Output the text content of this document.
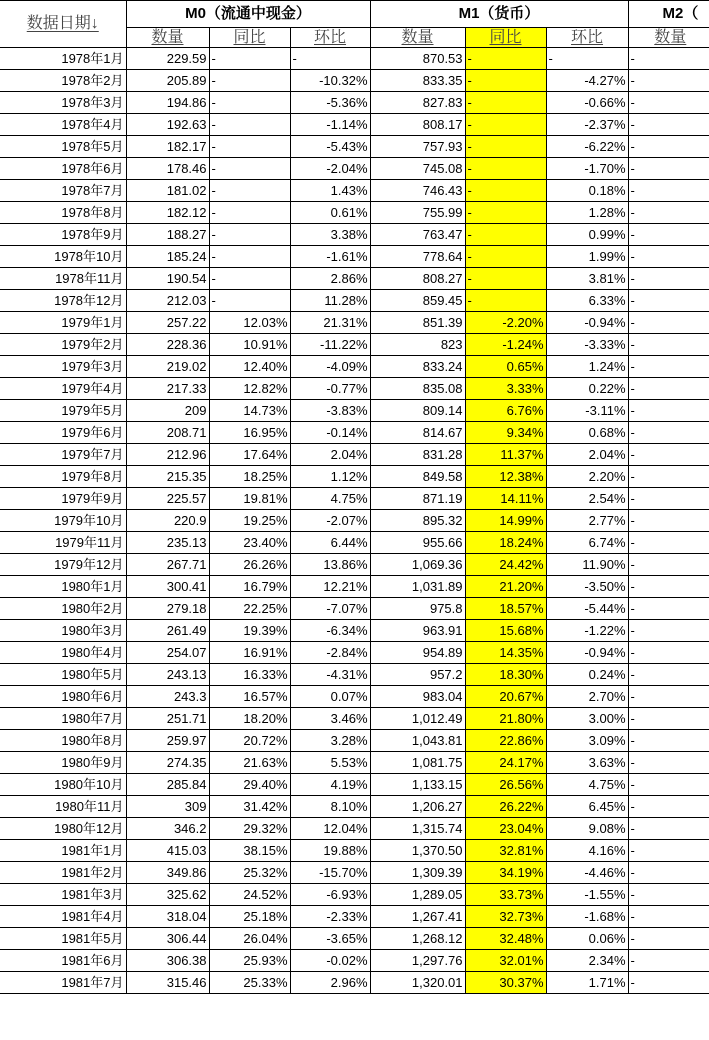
数据日期↓	M0（流通中现金）			M1（货币）			M2（
	数量	同比	环比	数量	同比	环比	数量
1978年1月	229.59	-	-	870.53	-	-	-
1978年2月	205.89	-	-10.32%	833.35	-	-4.27%	-
1978年3月	194.86	-	-5.36%	827.83	-	-0.66%	-
1978年4月	192.63	-	-1.14%	808.17	-	-2.37%	-
1978年5月	182.17	-	-5.43%	757.93	-	-6.22%	-
1978年6月	178.46	-	-2.04%	745.08	-	-1.70%	-
1978年7月	181.02	-	1.43%	746.43	-	0.18%	-
1978年8月	182.12	-	0.61%	755.99	-	1.28%	-
1978年9月	188.27	-	3.38%	763.47	-	0.99%	-
1978年10月	185.24	-	-1.61%	778.64	-	1.99%	-
1978年11月	190.54	-	2.86%	808.27	-	3.81%	-
1978年12月	212.03	-	11.28%	859.45	-	6.33%	-
1979年1月	257.22	12.03%	21.31%	851.39	-2.20%	-0.94%	-
1979年2月	228.36	10.91%	-11.22%	823	-1.24%	-3.33%	-
1979年3月	219.02	12.40%	-4.09%	833.24	0.65%	1.24%	-
1979年4月	217.33	12.82%	-0.77%	835.08	3.33%	0.22%	-
1979年5月	209	14.73%	-3.83%	809.14	6.76%	-3.11%	-
1979年6月	208.71	16.95%	-0.14%	814.67	9.34%	0.68%	-
1979年7月	212.96	17.64%	2.04%	831.28	11.37%	2.04%	-
1979年8月	215.35	18.25%	1.12%	849.58	12.38%	2.20%	-
1979年9月	225.57	19.81%	4.75%	871.19	14.11%	2.54%	-
1979年10月	220.9	19.25%	-2.07%	895.32	14.99%	2.77%	-
1979年11月	235.13	23.40%	6.44%	955.66	18.24%	6.74%	-
1979年12月	267.71	26.26%	13.86%	1,069.36	24.42%	11.90%	-
1980年1月	300.41	16.79%	12.21%	1,031.89	21.20%	-3.50%	-
1980年2月	279.18	22.25%	-7.07%	975.8	18.57%	-5.44%	-
1980年3月	261.49	19.39%	-6.34%	963.91	15.68%	-1.22%	-
1980年4月	254.07	16.91%	-2.84%	954.89	14.35%	-0.94%	-
1980年5月	243.13	16.33%	-4.31%	957.2	18.30%	0.24%	-
1980年6月	243.3	16.57%	0.07%	983.04	20.67%	2.70%	-
1980年7月	251.71	18.20%	3.46%	1,012.49	21.80%	3.00%	-
1980年8月	259.97	20.72%	3.28%	1,043.81	22.86%	3.09%	-
1980年9月	274.35	21.63%	5.53%	1,081.75	24.17%	3.63%	-
1980年10月	285.84	29.40%	4.19%	1,133.15	26.56%	4.75%	-
1980年11月	309	31.42%	8.10%	1,206.27	26.22%	6.45%	-
1980年12月	346.2	29.32%	12.04%	1,315.74	23.04%	9.08%	-
1981年1月	415.03	38.15%	19.88%	1,370.50	32.81%	4.16%	-
1981年2月	349.86	25.32%	-15.70%	1,309.39	34.19%	-4.46%	-
1981年3月	325.62	24.52%	-6.93%	1,289.05	33.73%	-1.55%	-
1981年4月	318.04	25.18%	-2.33%	1,267.41	32.73%	-1.68%	-
1981年5月	306.44	26.04%	-3.65%	1,268.12	32.48%	0.06%	-
1981年6月	306.38	25.93%	-0.02%	1,297.76	32.01%	2.34%	-
1981年7月	315.46	25.33%	2.96%	1,320.01	30.37%	1.71%	-
